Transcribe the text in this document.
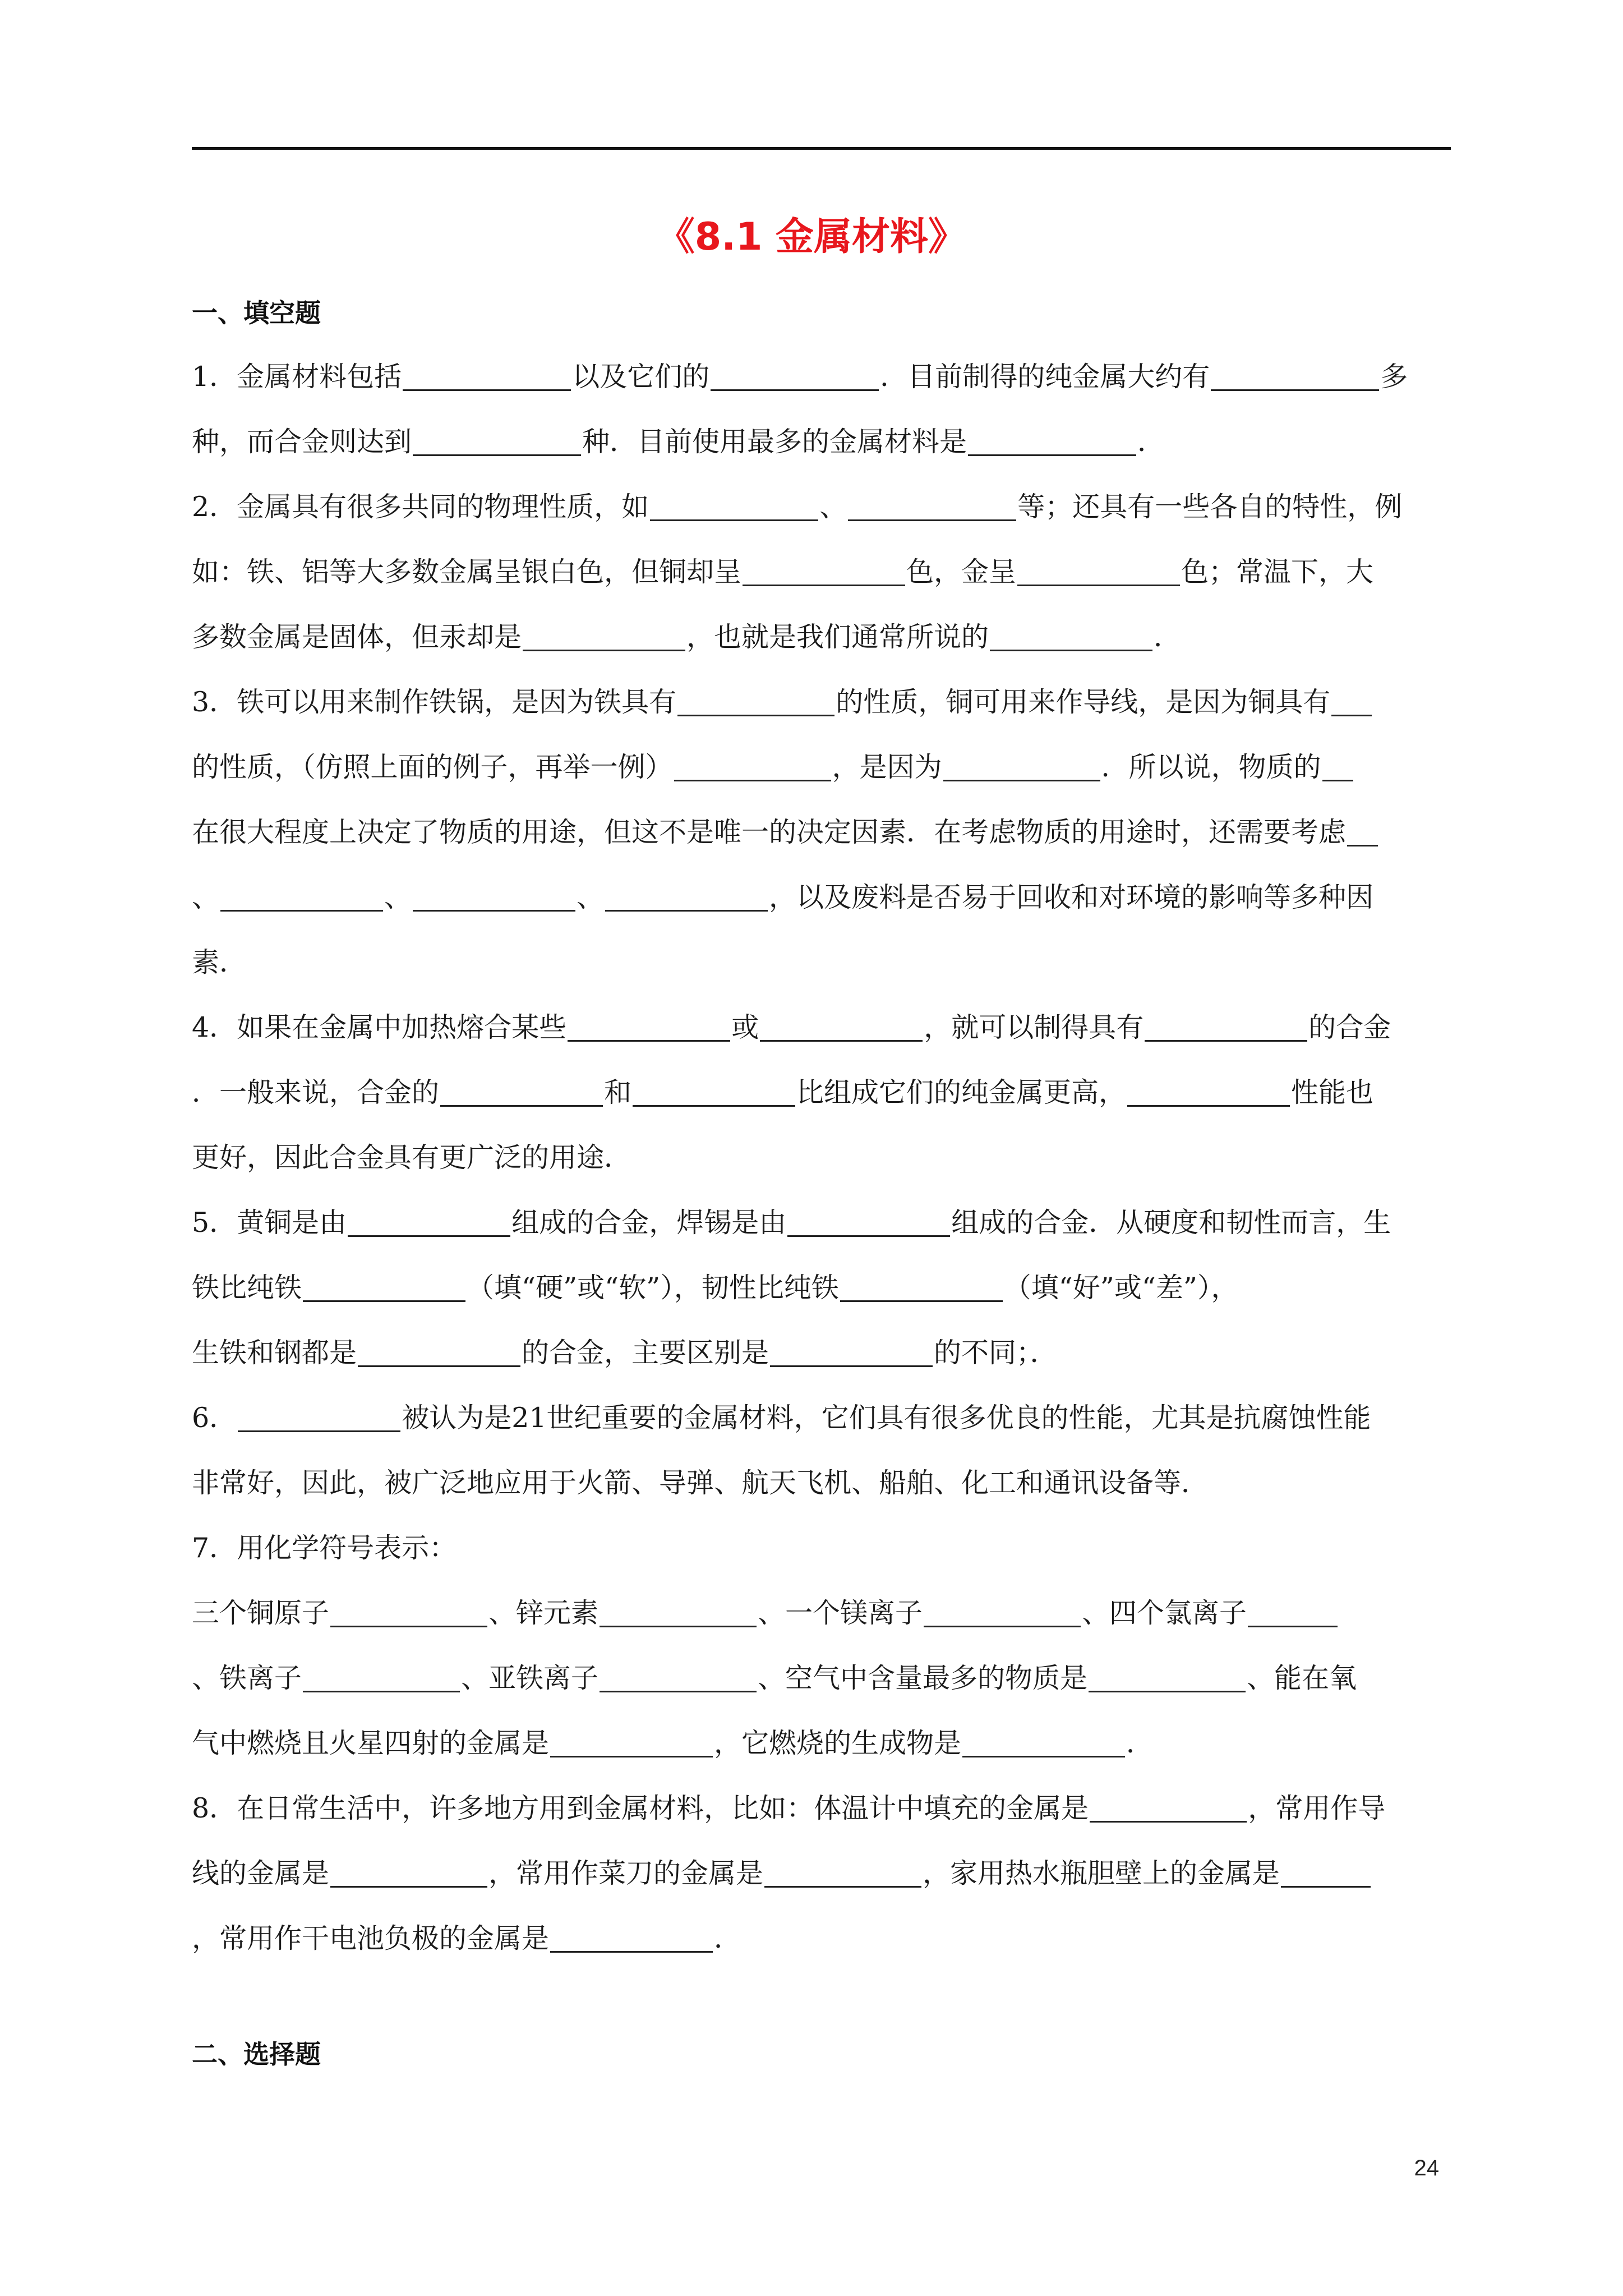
《8.1 金属材料》
一、填空题
1．金属材料包括	以及它们的	．目前制得的纯金属大约有	多
种，而合金则达到	种．目前使用最多的金属材料是	．
2．金属具有很多共同的物理性质，如	、	等；还具有一些各自的特性，例
如：铁、铝等大多数金属呈银白色，但铜却呈	色，金呈	色；常温下，大
多数金属是固体，但汞却是	，也就是我们通常所说的	．
3．铁可以用来制作铁锅，是因为铁具有	的性质，铜可用来作导线，是因为铜具有
的性质，（仿照上面的例子，再举一例）	，是因为	．所以说，物质的
在很大程度上决定了物质的用途，但这不是唯一的决定因素．在考虑物质的用途时，还需要考虑
、	、	、	，以及废料是否易于回收和对环境的影响等多种因
素．
4．如果在金属中加热熔合某些	或	，就可以制得具有	的合金
．一般来说，合金的	和	比组成它们的纯金属更高，	性能也
更好，因此合金具有更广泛的用途．
5．黄铜是由	组成的合金，焊锡是由	组成的合金．从硬度和韧性而言，生
铁比纯铁	（填“硬”或“软”），韧性比纯铁	（填“好”或“差”），
生铁和钢都是	的合金，主要区别是	的不同；．
6．	被认为是21世纪重要的金属材料，它们具有很多优良的性能，尤其是抗腐蚀性能
非常好，因此，被广泛地应用于火箭、导弹、航天飞机、船舶、化工和通讯设备等．
7．用化学符号表示：
三个铜原子	、锌元素	、一个镁离子	、四个氯离子
、铁离子	、亚铁离子	、空气中含量最多的物质是	、能在氧
气中燃烧且火星四射的金属是	，它燃烧的生成物是	．
8．在日常生活中，许多地方用到金属材料，比如：体温计中填充的金属是	，常用作导
线的金属是	，常用作菜刀的金属是	，家用热水瓶胆壁上的金属是
，常用作干电池负极的金属是	．
二、选择题
24
